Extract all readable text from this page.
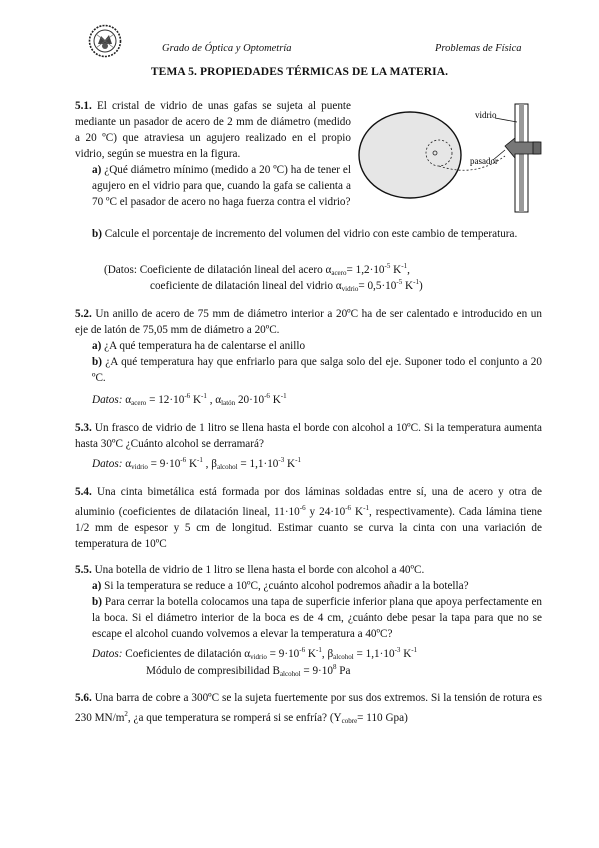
Grado de Óptica y Optometría	Problemas de Física
TEMA 5. PROPIEDADES TÉRMICAS DE LA MATERIA.
vidrio
pasador
5.1. El cristal de vidrio de unas gafas se sujeta al puente mediante un pasador de acero de 2 mm de diámetro (medido a 20 ºC) que atraviesa un agujero realizado en el propio vidrio, según se muestra en la figura.
a) ¿Qué diámetro mínimo (medido a 20 ºC) ha de tener el agujero en el vidrio para que, cuando la gafa se calienta a 70 ºC el pasador de acero no haga fuerza contra el vidrio?
b) Calcule el porcentaje de incremento del volumen del vidrio con este cambio de temperatura.
(Datos: Coeficiente de dilatación lineal del acero $\alpha_{acero}= 1,2\cdot 10^{-5}$ $K^{-1}$,
coeficiente de dilatación lineal del vidrio $\alpha_{vidrio}= 0,5\cdot 10^{-5}$ $K^{-1}$)
5.2. Un anillo de acero de 75 mm de diámetro interior a 20ºC ha de ser calentado e introducido en un eje de latón de 75,05 mm de diámetro a 20ºC.
a) ¿A qué temperatura ha de calentarse el anillo
b) ¿A qué temperatura hay que enfriarlo para que salga solo del eje. Suponer todo el conjunto a 20 ºC.
Datos: $\alpha_{acero} = 12\cdot 10^{-6}$ $K^{-1}$ , $\alpha_{latón}$ $20\cdot 10^{-6}$ $K^{-1}$
5.3. Un frasco de vidrio de 1 litro se llena hasta el borde con alcohol a 10ºC. Si la temperatura aumenta hasta 30ºC ¿Cuánto alcohol se derramará?
Datos: $\alpha_{vidrio} = 9\cdot 10^{-6}$ $K^{-1}$ , $\beta_{alcohol} = 1,1\cdot 10^{-3}$ $K^{-1}$
5.4. Una cinta bimetálica está formada por dos láminas soldadas entre sí, una de acero y otra de aluminio (coeficientes de dilatación lineal, $11\cdot 10^{-6}$ y $24\cdot 10^{-6}$ $K^{-1}$, respectivamente). Cada lámina tiene 1/2 mm de espesor y 5 cm de longitud. Estimar cuanto se curva la cinta con una variación de temperatura de 10ºC
5.5. Una botella de vidrio de 1 litro se llena hasta el borde con alcohol a 40ºC.
a) Si la temperatura se reduce a 10ºC, ¿cuánto alcohol podremos añadir a la botella?
b) Para cerrar la botella colocamos una tapa de superficie inferior plana que apoya perfectamente en la boca. Si el diámetro interior de la boca es de 4 cm, ¿cuánto debe pesar la tapa para que no se escape el alcohol cuando volvemos a elevar la temperatura a 40ºC?
Datos: Coeficientes de dilatación $\alpha_{vidrio} = 9\cdot 10^{-6}$ $K^{-1}$, $\beta_{alcohol} = 1,1\cdot 10^{-3}$ $K^{-1}$
Módulo de compresibilidad $B_{alcohol} = 9\cdot 10^8$ Pa
5.6. Una barra de cobre a 300ºC se la sujeta fuertemente por sus dos extremos. Si la tensión de rotura es 230 $MN/m^2$, ¿a que temperatura se romperá si se enfría? ($Y_{cobre}= 110$ Gpa)
